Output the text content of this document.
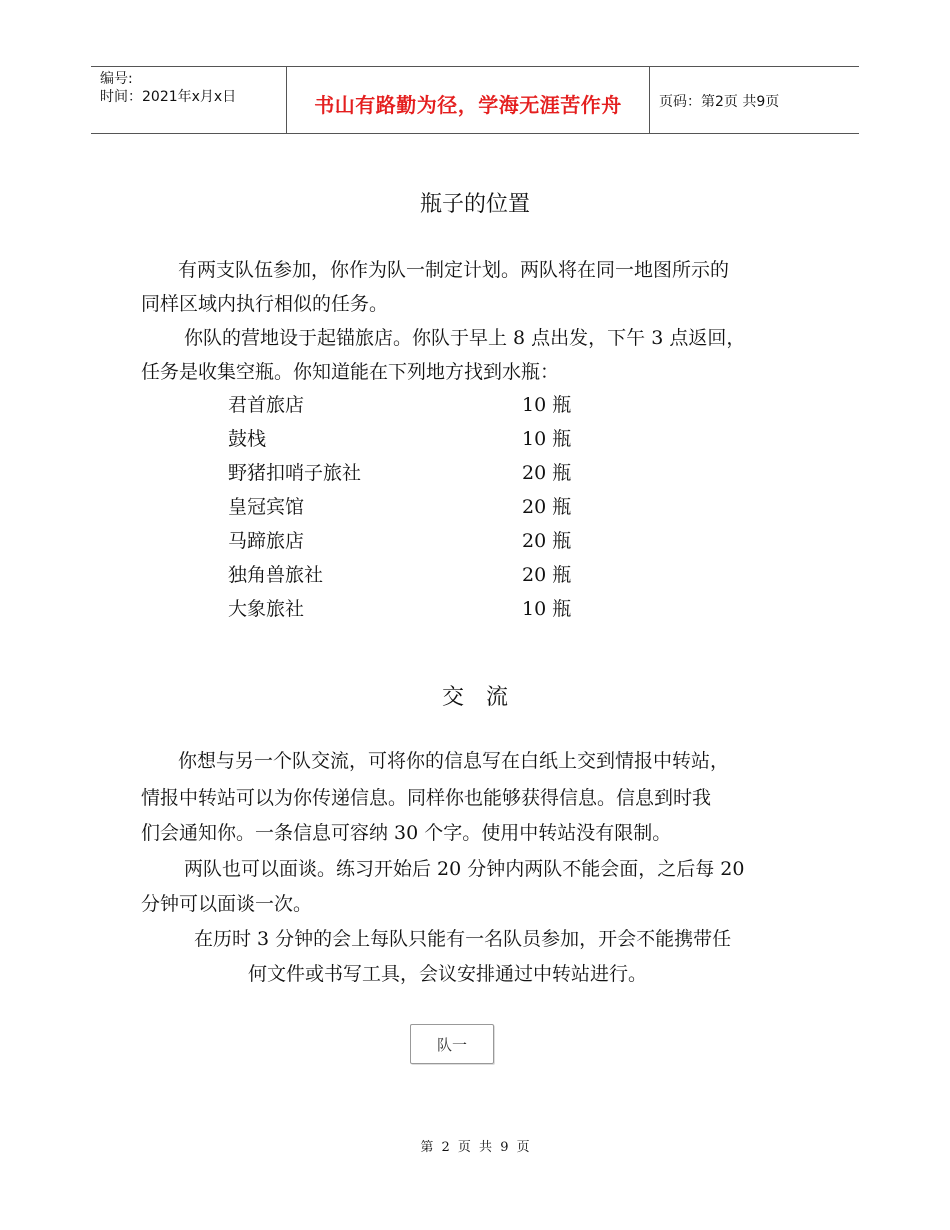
编号:
时间：2021年x月x日	书山有路勤为径，学海无涯苦作舟	页码：第2页 共9页
瓶子的位置
有两支队伍参加，你作为队一制定计划。两队将在同一地图所示的
同样区域内执行相似的任务。
你队的营地设于起锚旅店。你队于早上 8 点出发，下午 3 点返回，
任务是收集空瓶。你知道能在下列地方找到水瓶：
君首旅店	10 瓶
鼓栈	10 瓶
野猪扣哨子旅社	20 瓶
皇冠宾馆	20 瓶
马蹄旅店	20 瓶
独角兽旅社	20 瓶
大象旅社	10 瓶
交　流
你想与另一个队交流，可将你的信息写在白纸上交到情报中转站，
情报中转站可以为你传递信息。同样你也能够获得信息。信息到时我
们会通知你。一条信息可容纳 30 个字。使用中转站没有限制。
两队也可以面谈。练习开始后 20 分钟内两队不能会面，之后每 20
分钟可以面谈一次。
在历时 3 分钟的会上每队只能有一名队员参加，开会不能携带任
何文件或书写工具，会议安排通过中转站进行。
队一
第 2 页 共 9 页
